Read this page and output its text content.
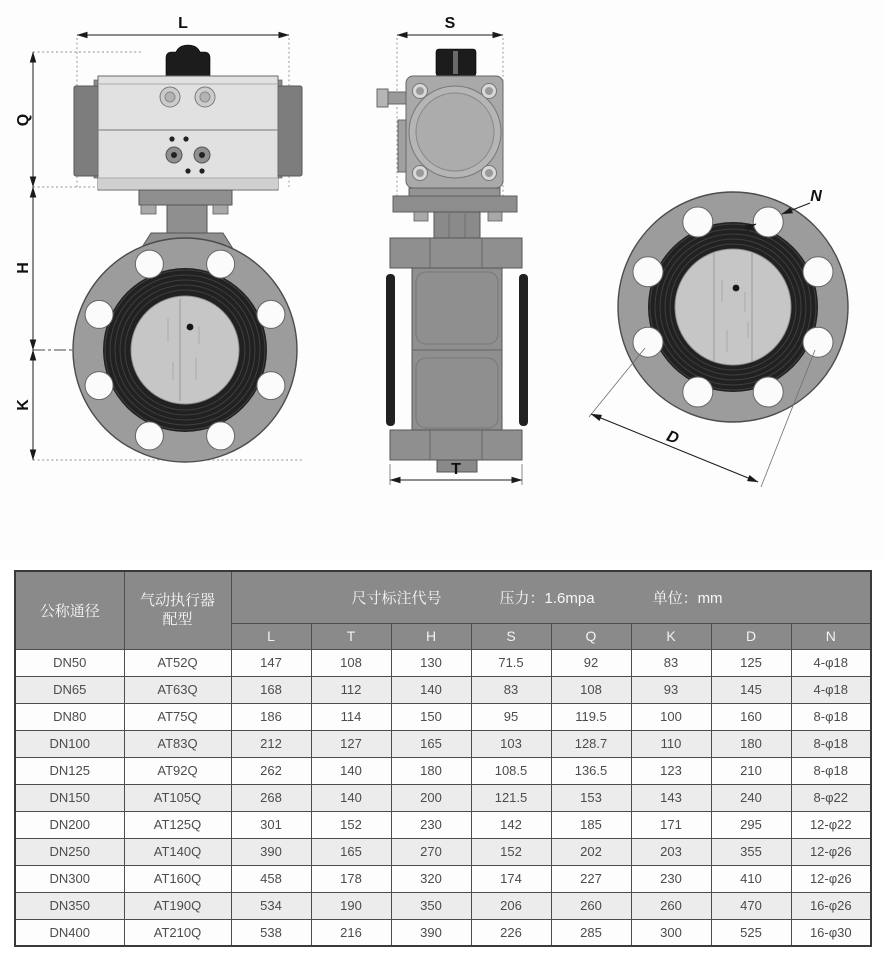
L
Q
H
K
S
T
N
D
公称通径	
气动执行器
配型

尺寸标注代号	压力：1.6mpa	单位：mm

		L	T	H	S	Q	K	D	N
DN50	AT52Q	147	108	130	71.5	92	83	125	4-φ18
DN65	AT63Q	168	112	140	83	108	93	145	4-φ18
DN80	AT75Q	186	114	150	95	119.5	100	160	8-φ18
DN100	AT83Q	212	127	165	103	128.7	110	180	8-φ18
DN125	AT92Q	262	140	180	108.5	136.5	123	210	8-φ18
DN150	AT105Q	268	140	200	121.5	153	143	240	8-φ22
DN200	AT125Q	301	152	230	142	185	171	295	12-φ22
DN250	AT140Q	390	165	270	152	202	203	355	12-φ26
DN300	AT160Q	458	178	320	174	227	230	410	12-φ26
DN350	AT190Q	534	190	350	206	260	260	470	16-φ26
DN400	AT210Q	538	216	390	226	285	300	525	16-φ30
